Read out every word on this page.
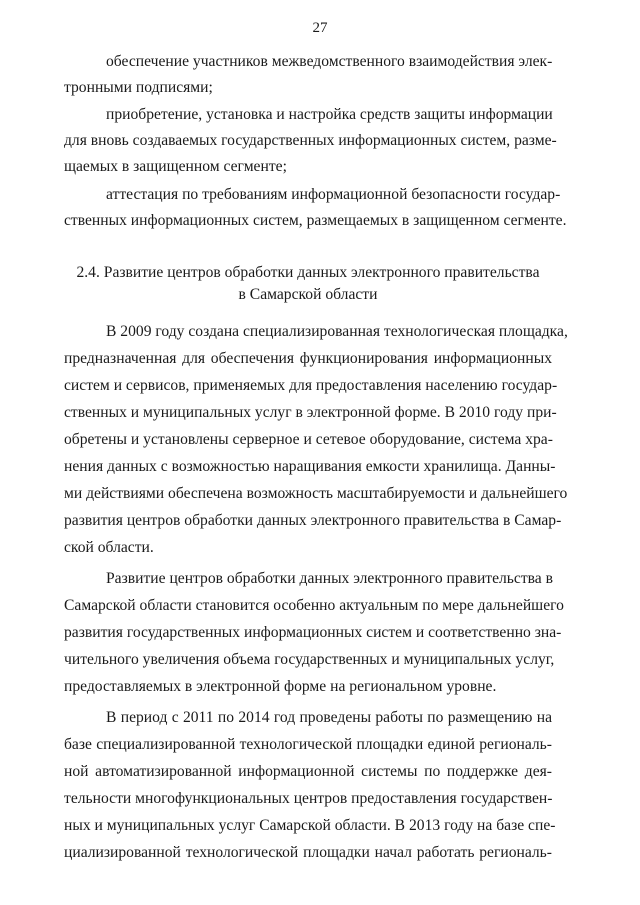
27
обеспечение участников межведомственного взаимодействия элек-
тронными подписями;
приобретение, установка и настройка средств защиты информации
для вновь создаваемых государственных информационных систем, разме-
щаемых в защищенном сегменте;
аттестация по требованиям информационной безопасности государ-
ственных информационных систем, размещаемых в защищенном сегменте.
2.4. Развитие центров обработки данных электронного правительства
в Самарской области
В 2009 году создана специализированная технологическая площадка,
предназначенная для обеспечения функционирования информационных
систем и сервисов, применяемых для предоставления населению государ-
ственных и муниципальных услуг в электронной форме. В 2010 году при-
обретены и установлены серверное и сетевое оборудование, система хра-
нения данных с возможностью наращивания емкости хранилища. Данны-
ми действиями обеспечена возможность масштабируемости и дальнейшего
развития центров обработки данных электронного правительства в Самар-
ской области.
Развитие центров обработки данных электронного правительства в
Самарской области становится особенно актуальным по мере дальнейшего
развития государственных информационных систем и соответственно зна-
чительного увеличения объема государственных и муниципальных услуг,
предоставляемых в электронной форме на региональном уровне.
В период с 2011 по 2014 год проведены работы по размещению на
базе специализированной технологической площадки единой региональ-
ной автоматизированной информационной системы по поддержке дея-
тельности многофункциональных центров предоставления государствен-
ных и муниципальных услуг Самарской области. В 2013 году на базе спе-
циализированной технологической площадки начал работать региональ-
